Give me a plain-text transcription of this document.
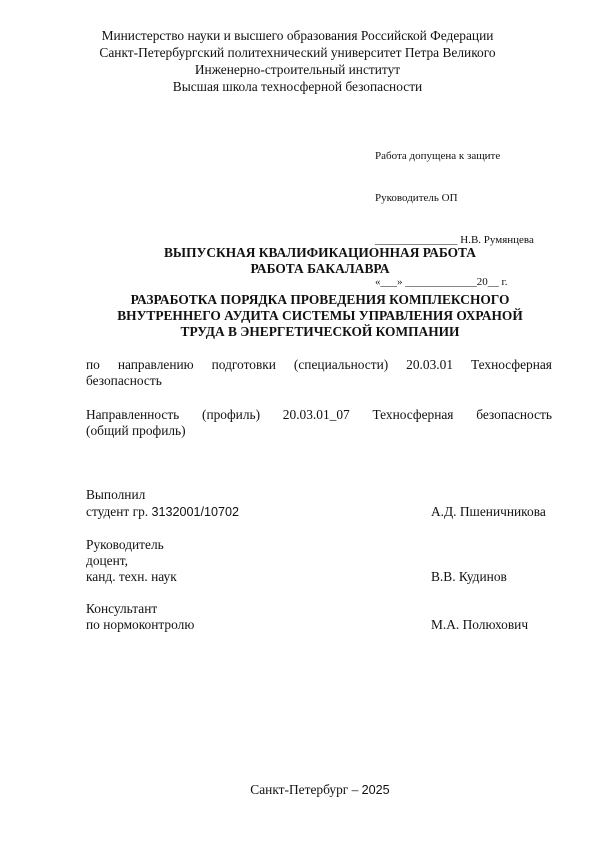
Министерство науки и высшего образования Российской Федерации
Санкт-Петербургский политехнический университет Петра Великого
Инженерно-строительный институт
Высшая школа техносферной безопасности

Работа допущена к защите

Руководитель ОП

_______________ Н.В. Румянцева

«___» _____________20__ г.

ВЫПУСКНАЯ КВАЛИФИКАЦИОННАЯ РАБОТА
РАБОТА БАКАЛАВРА
РАЗРАБОТКА ПОРЯДКА ПРОВЕДЕНИЯ КОМПЛЕКСНОГО
ВНУТРЕННЕГО АУДИТА СИСТЕМЫ УПРАВЛЕНИЯ ОХРАНОЙ
ТРУДА В ЭНЕРГЕТИЧЕСКОЙ КОМПАНИИ
по направлению подготовки (специальности) 20.03.01 Техносферная
безопасность
Направленность (профиль) 20.03.01_07 Техносферная безопасность
(общий профиль)
Выполнил
студент гр. 3132001/10702	А.Д. Пшеничникова
Руководитель
доцент,
канд. техн. наук	В.В. Кудинов
Консультант
по нормоконтролю	М.А. Полюхович
Санкт-Петербург – 2025
